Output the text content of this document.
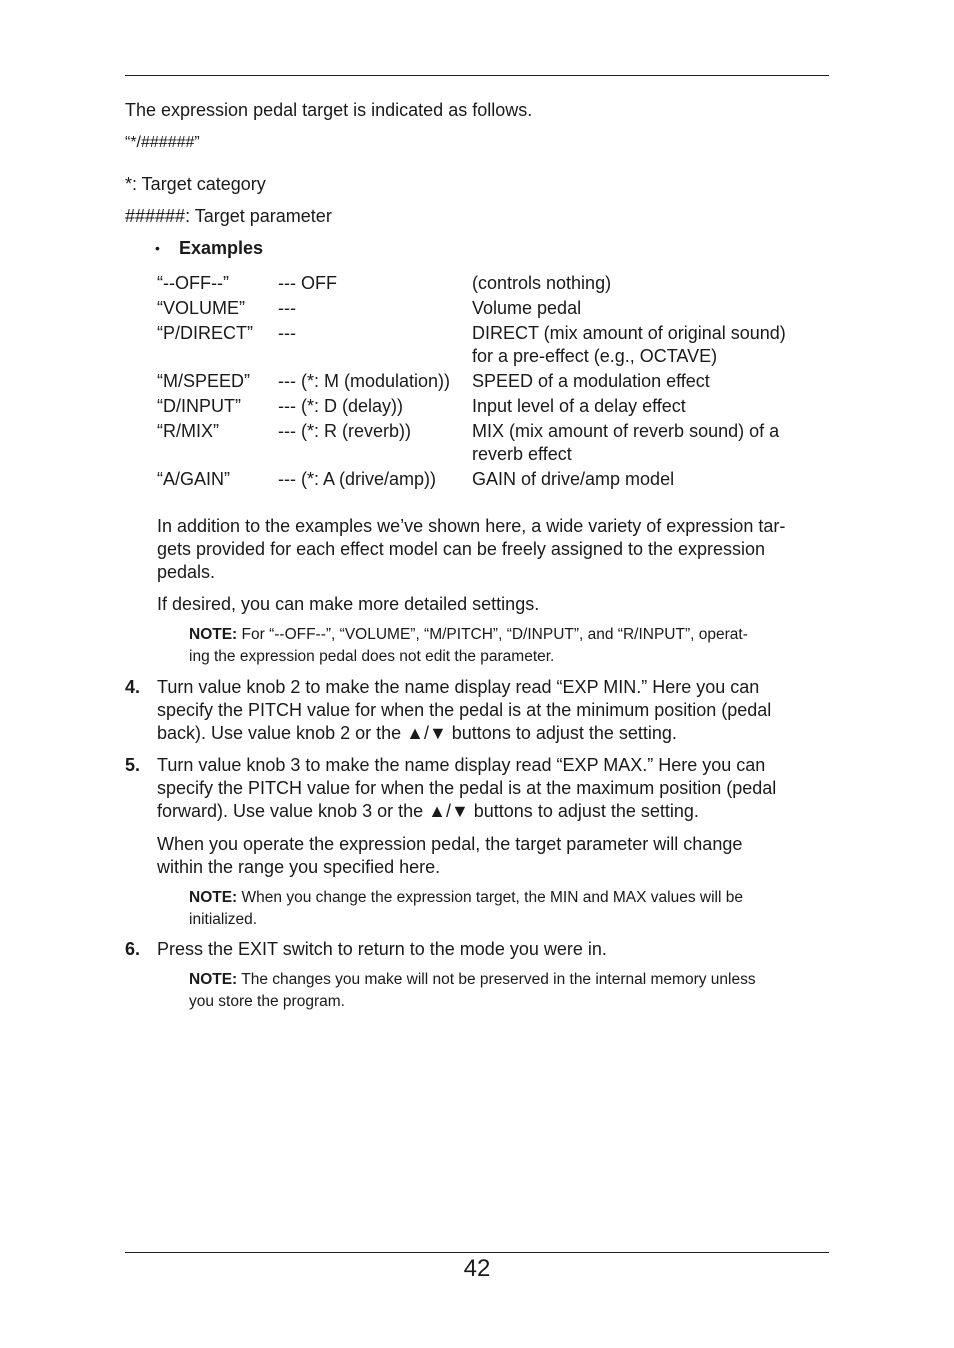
The expression pedal target is indicated as follows.
“*/######”
*: Target category
######: Target parameter
• Examples
“--OFF--”	--- OFF	(controls nothing)
“VOLUME” ---	Volume pedal
“P/DIRECT” ---	DIRECT (mix amount of original sound)
for a pre-effect (e.g., OCTAVE)
“M/SPEED” --- (*: M (modulation)) SPEED of a modulation effect
“D/INPUT” --- (*: D (delay))	Input level of a delay effect
“R/MIX”	--- (*: R (reverb))	MIX (mix amount of reverb sound) of a
reverb effect
“A/GAIN”	--- (*: A (drive/amp)) GAIN of drive/amp model
In addition to the examples we’ve shown here, a wide variety of expression tar-
gets provided for each effect model can be freely assigned to the expression
pedals.
If desired, you can make more detailed settings.
NOTE: For “--OFF--”, “VOLUME”, “M/PITCH”, “D/INPUT”, and “R/INPUT”, operat-
ing the expression pedal does not edit the parameter.
4. Turn value knob 2 to make the name display read “EXP MIN.” Here you can
specify the PITCH value for when the pedal is at the minimum position (pedal
back). Use value knob 2 or the ▲/▼ buttons to adjust the setting.
5. Turn value knob 3 to make the name display read “EXP MAX.” Here you can
specify the PITCH value for when the pedal is at the maximum position (pedal
forward). Use value knob 3 or the ▲/▼ buttons to adjust the setting.
When you operate the expression pedal, the target parameter will change
within the range you specified here.
NOTE: When you change the expression target, the MIN and MAX values will be
initialized.
6. Press the EXIT switch to return to the mode you were in.
NOTE: The changes you make will not be preserved in the internal memory unless
you store the program.
42
